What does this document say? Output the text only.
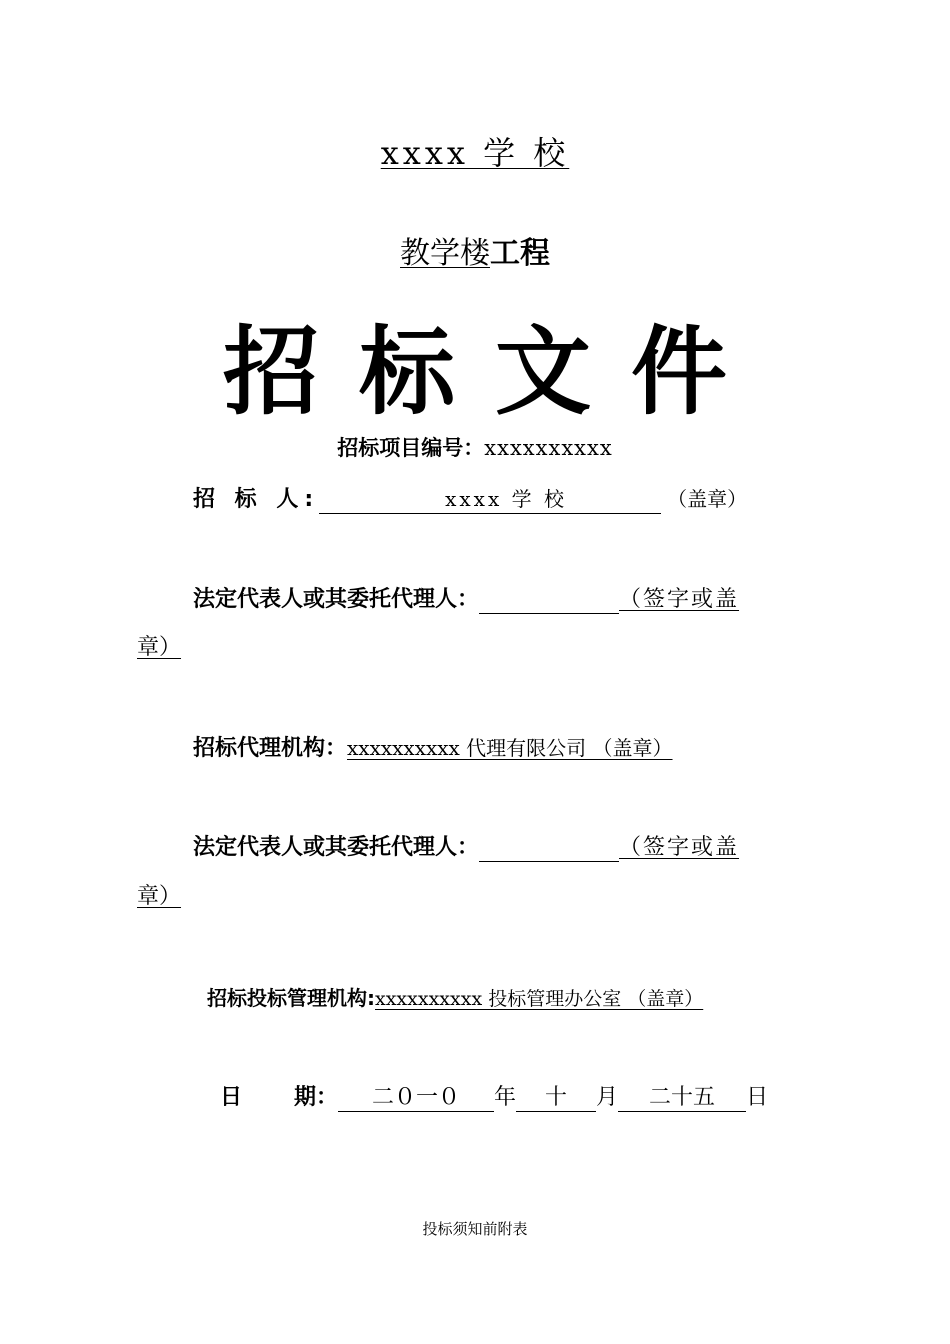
xxxx 学 校
教学楼工程
招标文件
招标项目编号：xxxxxxxxxx
招 标 人:	xxxx 学 校	（盖章）

法定代表人或其委托代理人：	（签字或盖
章）
招标代理机构：xxxxxxxxxx 代理有限公司 （盖章）
法定代表人或其委托代理人：	（签字或盖
章）
招标投标管理机构:xxxxxxxxxx 投标管理办公室 （盖章）
日 期： 二０一０ 年 十 月 二十五 日
投标须知前附表
